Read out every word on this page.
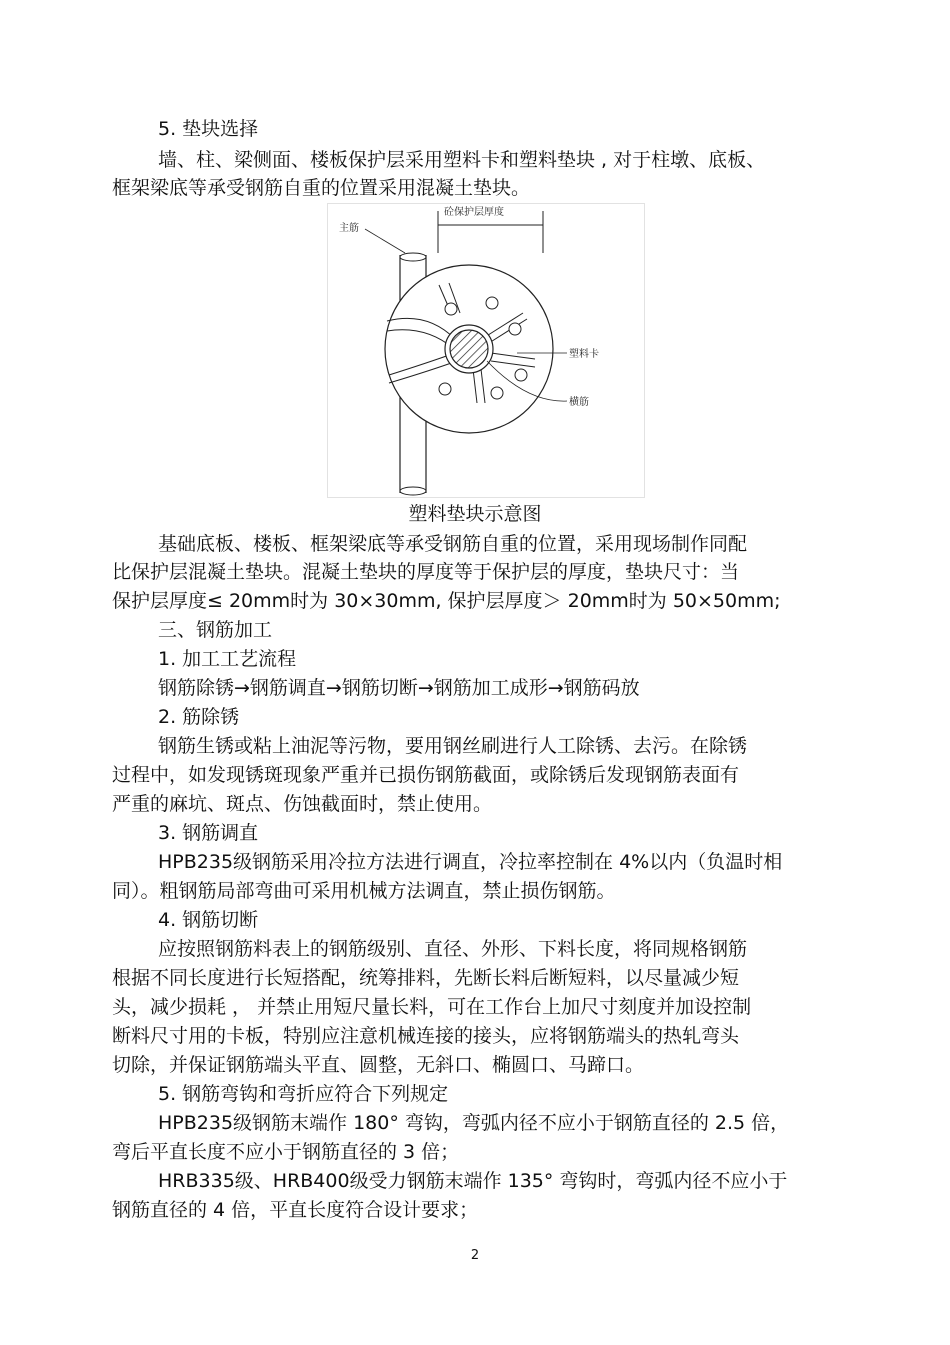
5. 垫块选择
墙、柱、梁侧面、楼板保护层采用塑料卡和塑料垫块 , 对于柱墩、底板、
框架梁底等承受钢筋自重的位置采用混凝土垫块。
砼保护层厚度
主筋
塑料卡
横筋
塑料垫块示意图
基础底板、楼板、框架梁底等承受钢筋自重的位置，采用现场制作同配
比保护层混凝土垫块。混凝土垫块的厚度等于保护层的厚度，垫块尺寸：当
保护层厚度≤ 20mm时为 30×30mm, 保护层厚度＞ 20mm时为 50×50mm;
三、钢筋加工
1. 加工工艺流程
钢筋除锈→钢筋调直→钢筋切断→钢筋加工成形→钢筋码放
2. 筋除锈
钢筋生锈或粘上油泥等污物，要用钢丝刷进行人工除锈、去污。在除锈
过程中，如发现锈斑现象严重并已损伤钢筋截面，或除锈后发现钢筋表面有
严重的麻坑、斑点、伤蚀截面时，禁止使用。
3. 钢筋调直
HPB235级钢筋采用冷拉方法进行调直，冷拉率控制在 4%以内（负温时相
同）。粗钢筋局部弯曲可采用机械方法调直，禁止损伤钢筋。
4. 钢筋切断
应按照钢筋料表上的钢筋级别、直径、外形、下料长度，将同规格钢筋
根据不同长度进行长短搭配，统筹排料，先断长料后断短料，以尽量减少短
头，减少损耗 ， 并禁止用短尺量长料，可在工作台上加尺寸刻度并加设控制
断料尺寸用的卡板，特别应注意机械连接的接头，应将钢筋端头的热轧弯头
切除，并保证钢筋端头平直、圆整，无斜口、椭圆口、马蹄口。
5. 钢筋弯钩和弯折应符合下列规定
HPB235级钢筋末端作 180° 弯钩，弯弧内径不应小于钢筋直径的 2.5 倍，
弯后平直长度不应小于钢筋直径的 3 倍；
HRB335级、HRB400级受力钢筋末端作 135° 弯钩时，弯弧内径不应小于
钢筋直径的 4 倍，平直长度符合设计要求；
2
